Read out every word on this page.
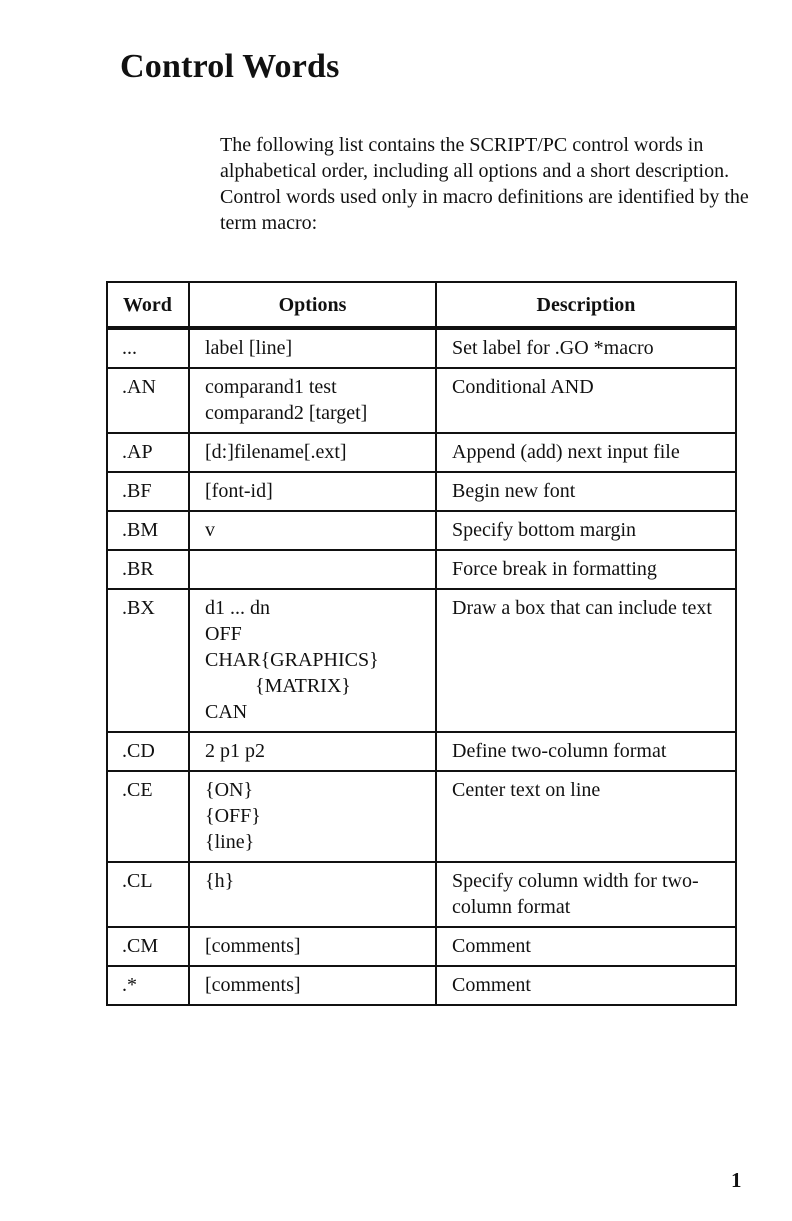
Control Words

The following list contains the SCRIPT/PC control words in alphabetical order, including all options and a short description. Control words used only in macro definitions are identified by the term macro:

Word	Options	Description
...	label [line]	Set label for .GO *macro
.AN	comparand1 test
comparand2 [target]	Conditional AND
.AP	[d:]filename[.ext]	Append (add) next input file
.BF	[font-id]	Begin new font
.BM	v	Specify bottom margin
.BR		Force break in formatting
.BX	d1 ... dn
OFF
CHAR{GRAPHICS}
{MATRIX}
CAN	Draw a box that can include text
.CD	2 p1 p2	Define two-column format
.CE	{ON}
{OFF}
{line}	Center text on line
.CL	{h}	Specify column width for two-column format
.CM	[comments]	Comment
.*	[comments]	Comment
1
